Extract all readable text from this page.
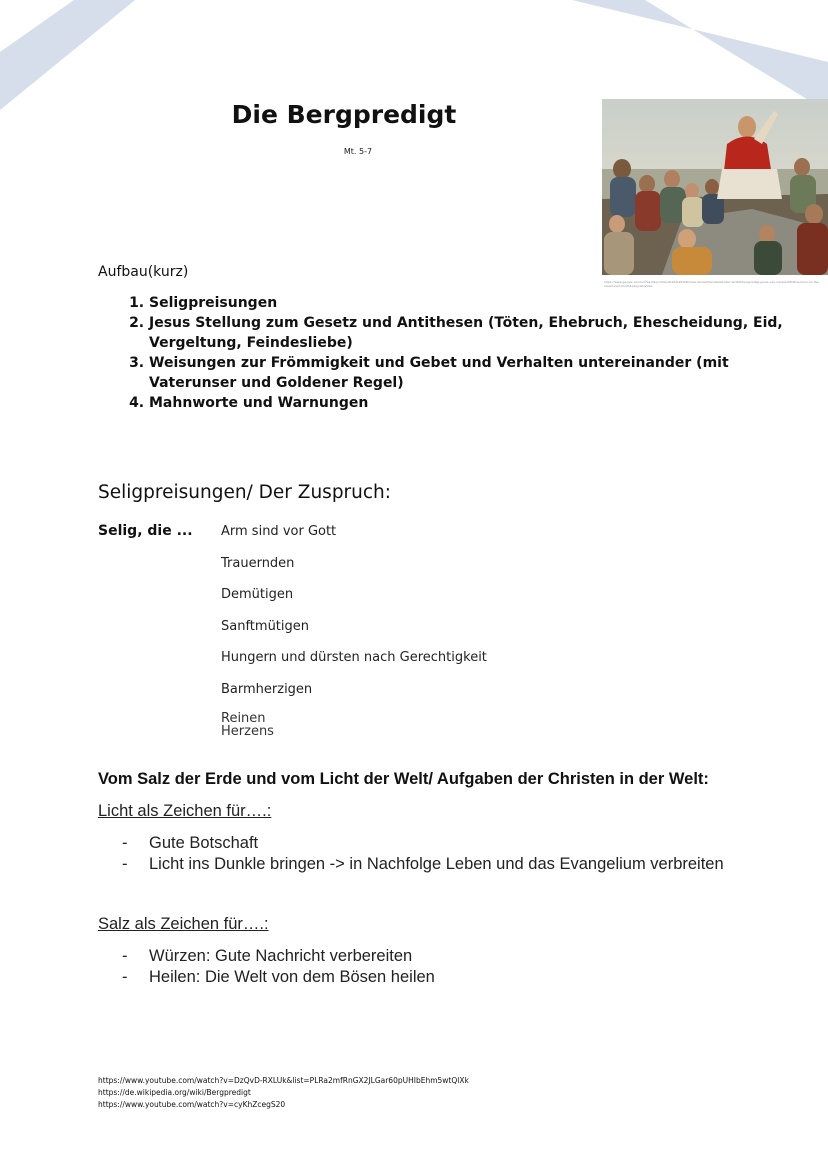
Die Bergpredigt
Mt. 5-7
https://www.google.com/url?sa=i&url=https%3A%2F%2Fwww.deutschlandfunkkultur.de%2Fbergpredigt-jesus-von-nazareth%2Fsermon-on-the-mount-carl-bloch&psig=AOvVaw
Aufbau(kurz)
1. Seligpreisungen
2. Jesus Stellung zum Gesetz und Antithesen (Töten, Ehebruch, Ehescheidung, Eid, Vergeltung, Feindesliebe)
3. Weisungen zur Frömmigkeit und Gebet und Verhalten untereinander (mit Vaterunser und Goldener Regel)
4. Mahnworte und Warnungen
Seligpreisungen/ Der Zuspruch:
Selig, die ... Arm sind vor Gott
Trauernden
Demütigen
Sanftmütigen
Hungern und dürsten nach Gerechtigkeit
Barmherzigen
Reinen Herzens
Vom Salz der Erde und vom Licht der Welt/ Aufgaben der Christen in der Welt:
Licht als Zeichen für….:
- Gute Botschaft
- Licht ins Dunkle bringen -> in Nachfolge Leben und das Evangelium verbreiten
Salz als Zeichen für….:
- Würzen: Gute Nachricht verbereiten
- Heilen: Die Welt von dem Bösen heilen
https://www.youtube.com/watch?v=DzQvD-RXLUk&list=PLRa2mfRnGX2JLGar60pUHIbEhm5wtQlXk
https://de.wikipedia.org/wiki/Bergpredigt
https://www.youtube.com/watch?v=cyKhZcegS20
